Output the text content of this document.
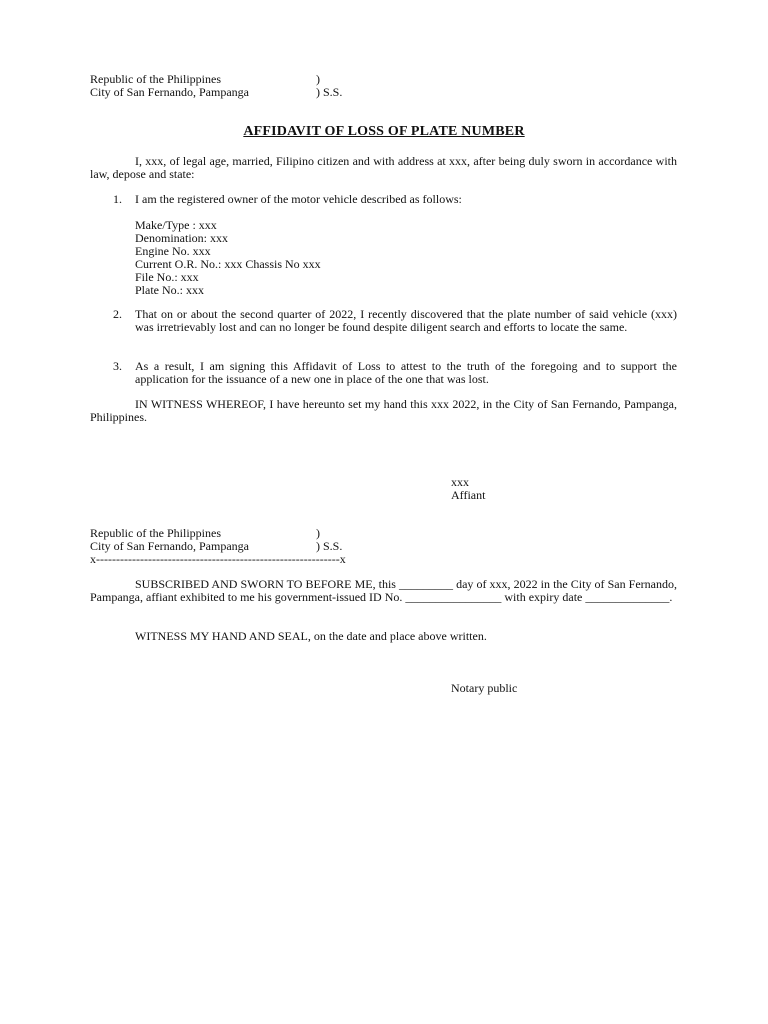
Republic of the Philippines	)
City of San Fernando, Pampanga	) S.S.
AFFIDAVIT OF LOSS OF PLATE NUMBER
I, xxx, of legal age, married, Filipino citizen and with address at xxx, after being duly sworn in accordance with law, depose and state:
1. I am the registered owner of the motor vehicle described as follows:
Make/Type : xxx
Denomination: xxx
Engine No. xxx
Current O.R. No.: xxx Chassis No xxx
File No.: xxx
Plate No.: xxx
2. That on or about the second quarter of 2022, I recently discovered that the plate number of said vehicle (xxx) was irretrievably lost and can no longer be found despite diligent search and efforts to locate the same.
3. As a result, I am signing this Affidavit of Loss to attest to the truth of the foregoing and to support the application for the issuance of a new one in place of the one that was lost.
IN WITNESS WHEREOF, I have hereunto set my hand this xxx 2022, in the City of San Fernando, Pampanga, Philippines.
xxx
Affiant
Republic of the Philippines	)
City of San Fernando, Pampanga	) S.S.
x-------------------------------------------------------------x
SUBSCRIBED AND SWORN TO BEFORE ME, this _________ day of xxx, 2022 in the City of San Fernando, Pampanga, affiant exhibited to me his government-issued ID No. ________________ with expiry date ______________.
WITNESS MY HAND AND SEAL, on the date and place above written.
Notary public
